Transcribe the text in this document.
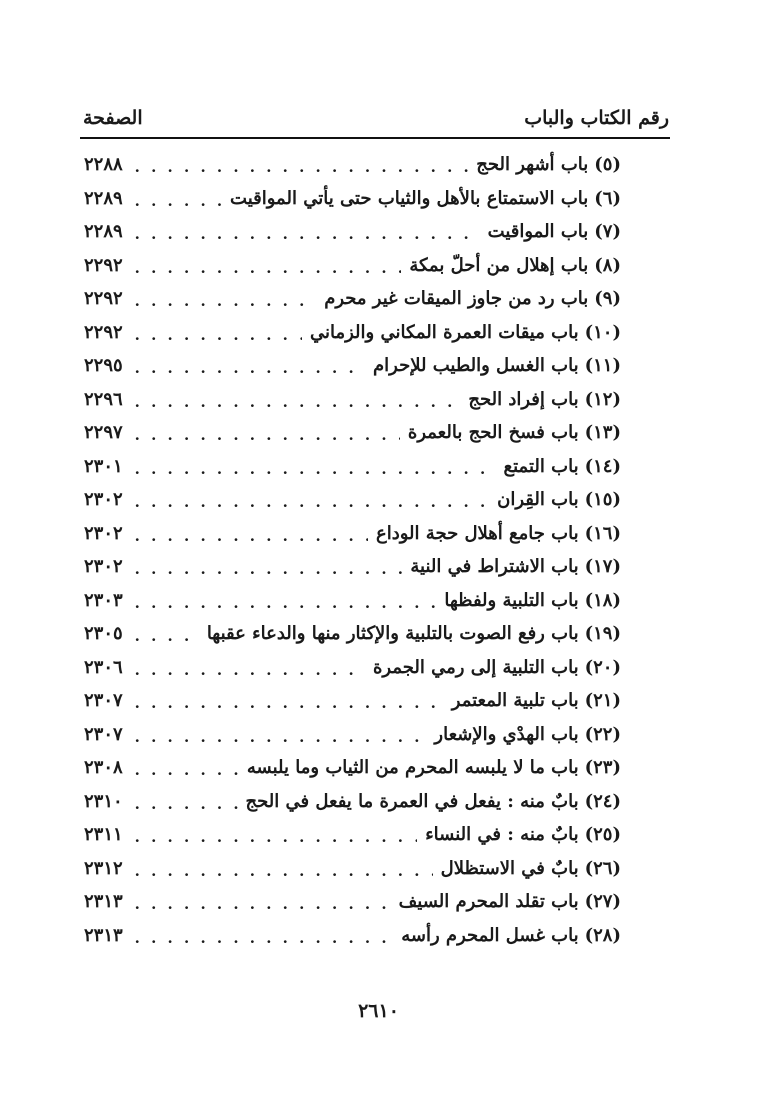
رقم الكتاب والباب
الصفحة
(٥)
باب أشهر الحج
. . .
٢٢٨٨
(٦)
باب الاستمتاع بالأهل والثياب حتى يأتي المواقيت
. . .
٢٢٨٩
(٧)
باب المواقيت
. . .
٢٢٨٩
(٨)
باب إهلال من أحلّ بمكة
. . .
٢٢٩٢
(٩)
باب رد من جاوز الميقات غير محرم
. . .
٢٢٩٢
(١٠)
باب ميقات العمرة المكاني والزماني
. . .
٢٢٩٢
(١١)
باب الغسل والطيب للإحرام
. . .
٢٢٩٥
(١٢)
باب إفراد الحج
. . .
٢٢٩٦
(١٣)
باب فسخ الحج بالعمرة
. . .
٢٢٩٧
(١٤)
باب التمتع
. . .
٢٣٠١
(١٥)
باب القِران
. . .
٢٣٠٢
(١٦)
باب جامع أهلال حجة الوداع
. . .
٢٣٠٢
(١٧)
باب الاشتراط في النية
. . .
٢٣٠٢
(١٨)
باب التلبية ولفظها
. . .
٢٣٠٣
(١٩)
باب رفع الصوت بالتلبية والإكثار منها والدعاء عقبها
. . .
٢٣٠٥
(٢٠)
باب التلبية إلى رمي الجمرة
. . .
٢٣٠٦
(٢١)
باب تلبية المعتمر
. . .
٢٣٠٧
(٢٢)
باب الهدْي والإشعار
. . .
٢٣٠٧
(٢٣)
باب ما لا يلبسه المحرم من الثياب وما يلبسه
. . .
٢٣٠٨
(٢٤)
بابٌ منه : يفعل في العمرة ما يفعل في الحج
. . .
٢٣١٠
(٢٥)
بابٌ منه : في النساء
. . .
٢٣١١
(٢٦)
بابٌ في الاستظلال
. . .
٢٣١٢
(٢٧)
باب تقلد المحرم السيف
. . .
٢٣١٣
(٢٨)
باب غسل المحرم رأسه
. . .
٢٣١٣
٢٦١٠
